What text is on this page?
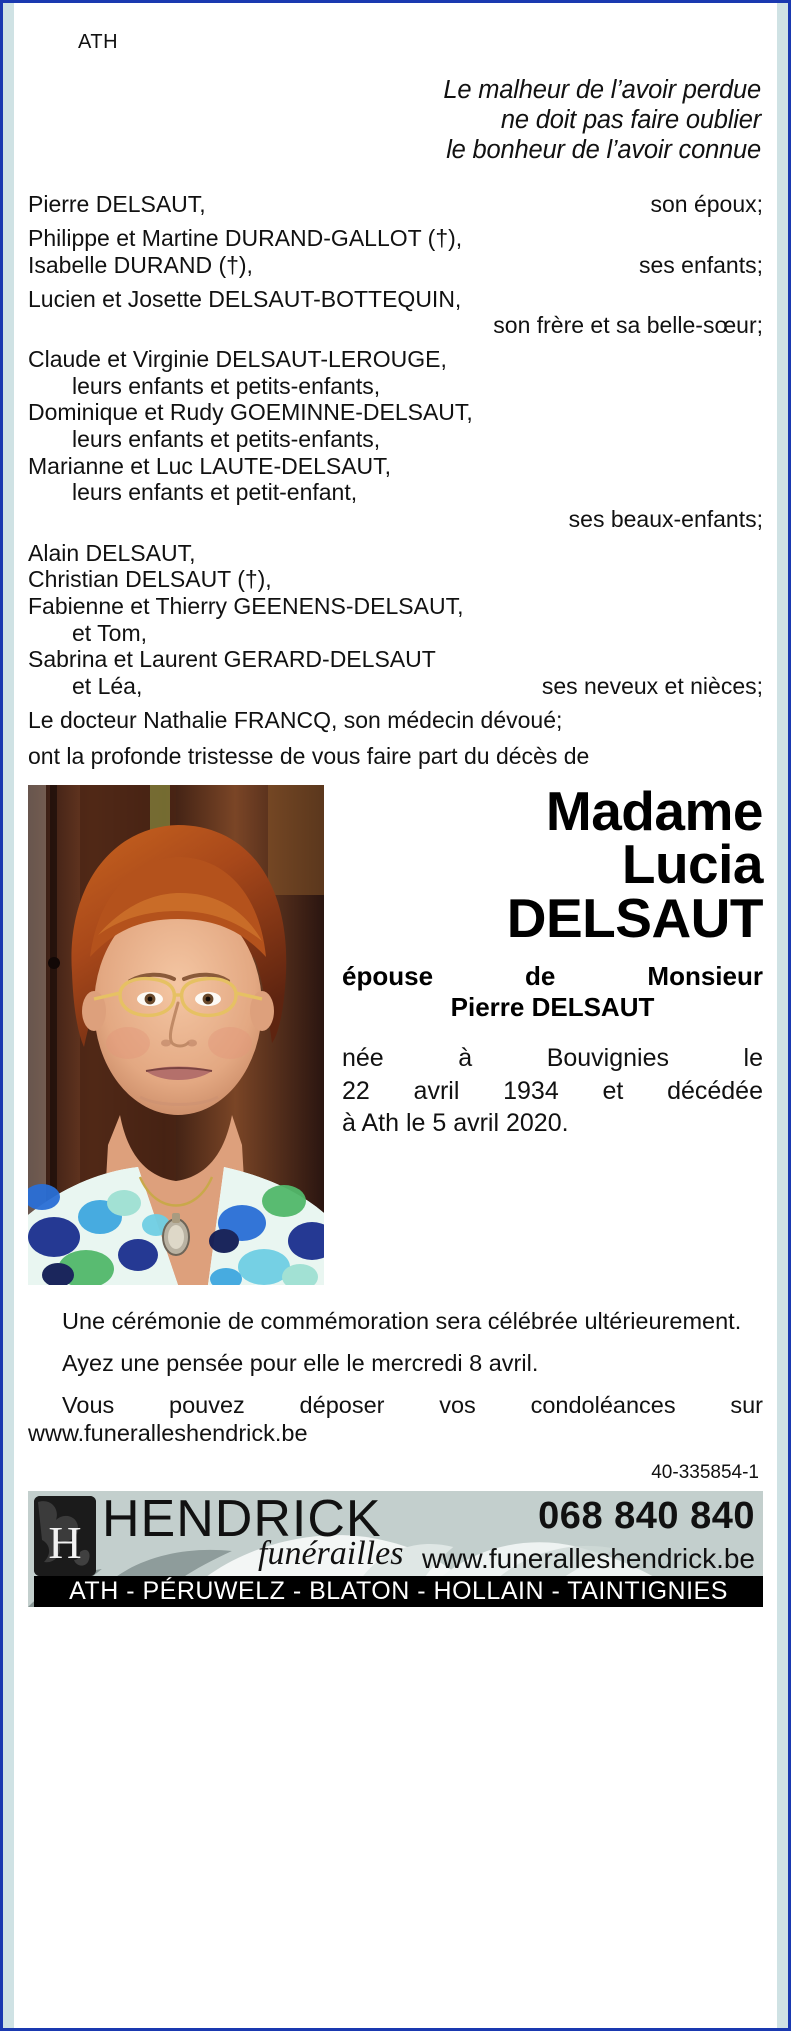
ATH
Le malheur de l’avoir perdue
ne doit pas faire oublier
le bonheur de l’avoir connue
Pierre DELSAUT,	son époux;
Philippe et Martine DURAND-GALLOT (†),
Isabelle DURAND (†),	ses enfants;
Lucien et Josette DELSAUT-BOTTEQUIN,
son frère et sa belle-sœur;
Claude et Virginie DELSAUT-LEROUGE,
leurs enfants et petits-enfants,
Dominique et Rudy GOEMINNE-DELSAUT,
leurs enfants et petits-enfants,
Marianne et Luc LAUTE-DELSAUT,
leurs enfants et petit-enfant,
ses beaux-enfants;
Alain DELSAUT,
Christian DELSAUT (†),
Fabienne et Thierry GEENENS-DELSAUT,
et Tom,
Sabrina et Laurent GERARD-DELSAUT
et Léa,	ses neveux et nièces;
Le docteur Nathalie FRANCQ, son médecin dévoué;
ont la profonde tristesse de vous faire part du décès de
Madame
Lucia
DELSAUT
épouse de Monsieur
Pierre DELSAUT
née à Bouvignies le
22 avril 1934 et décédée
à Ath le 5 avril 2020.

Une cérémonie de commémoration sera célébrée ultérieurement.

Ayez une pensée pour elle le mercredi 8 avril.

Vous pouvez déposer vos condoléances sur www.funeralleshendrick.be

40-335854-1
H HENDRICK
funérailles
068 840 840
www.funeralleshendrick.be
ATH - PÉRUWELZ - BLATON - HOLLAIN - TAINTIGNIES
